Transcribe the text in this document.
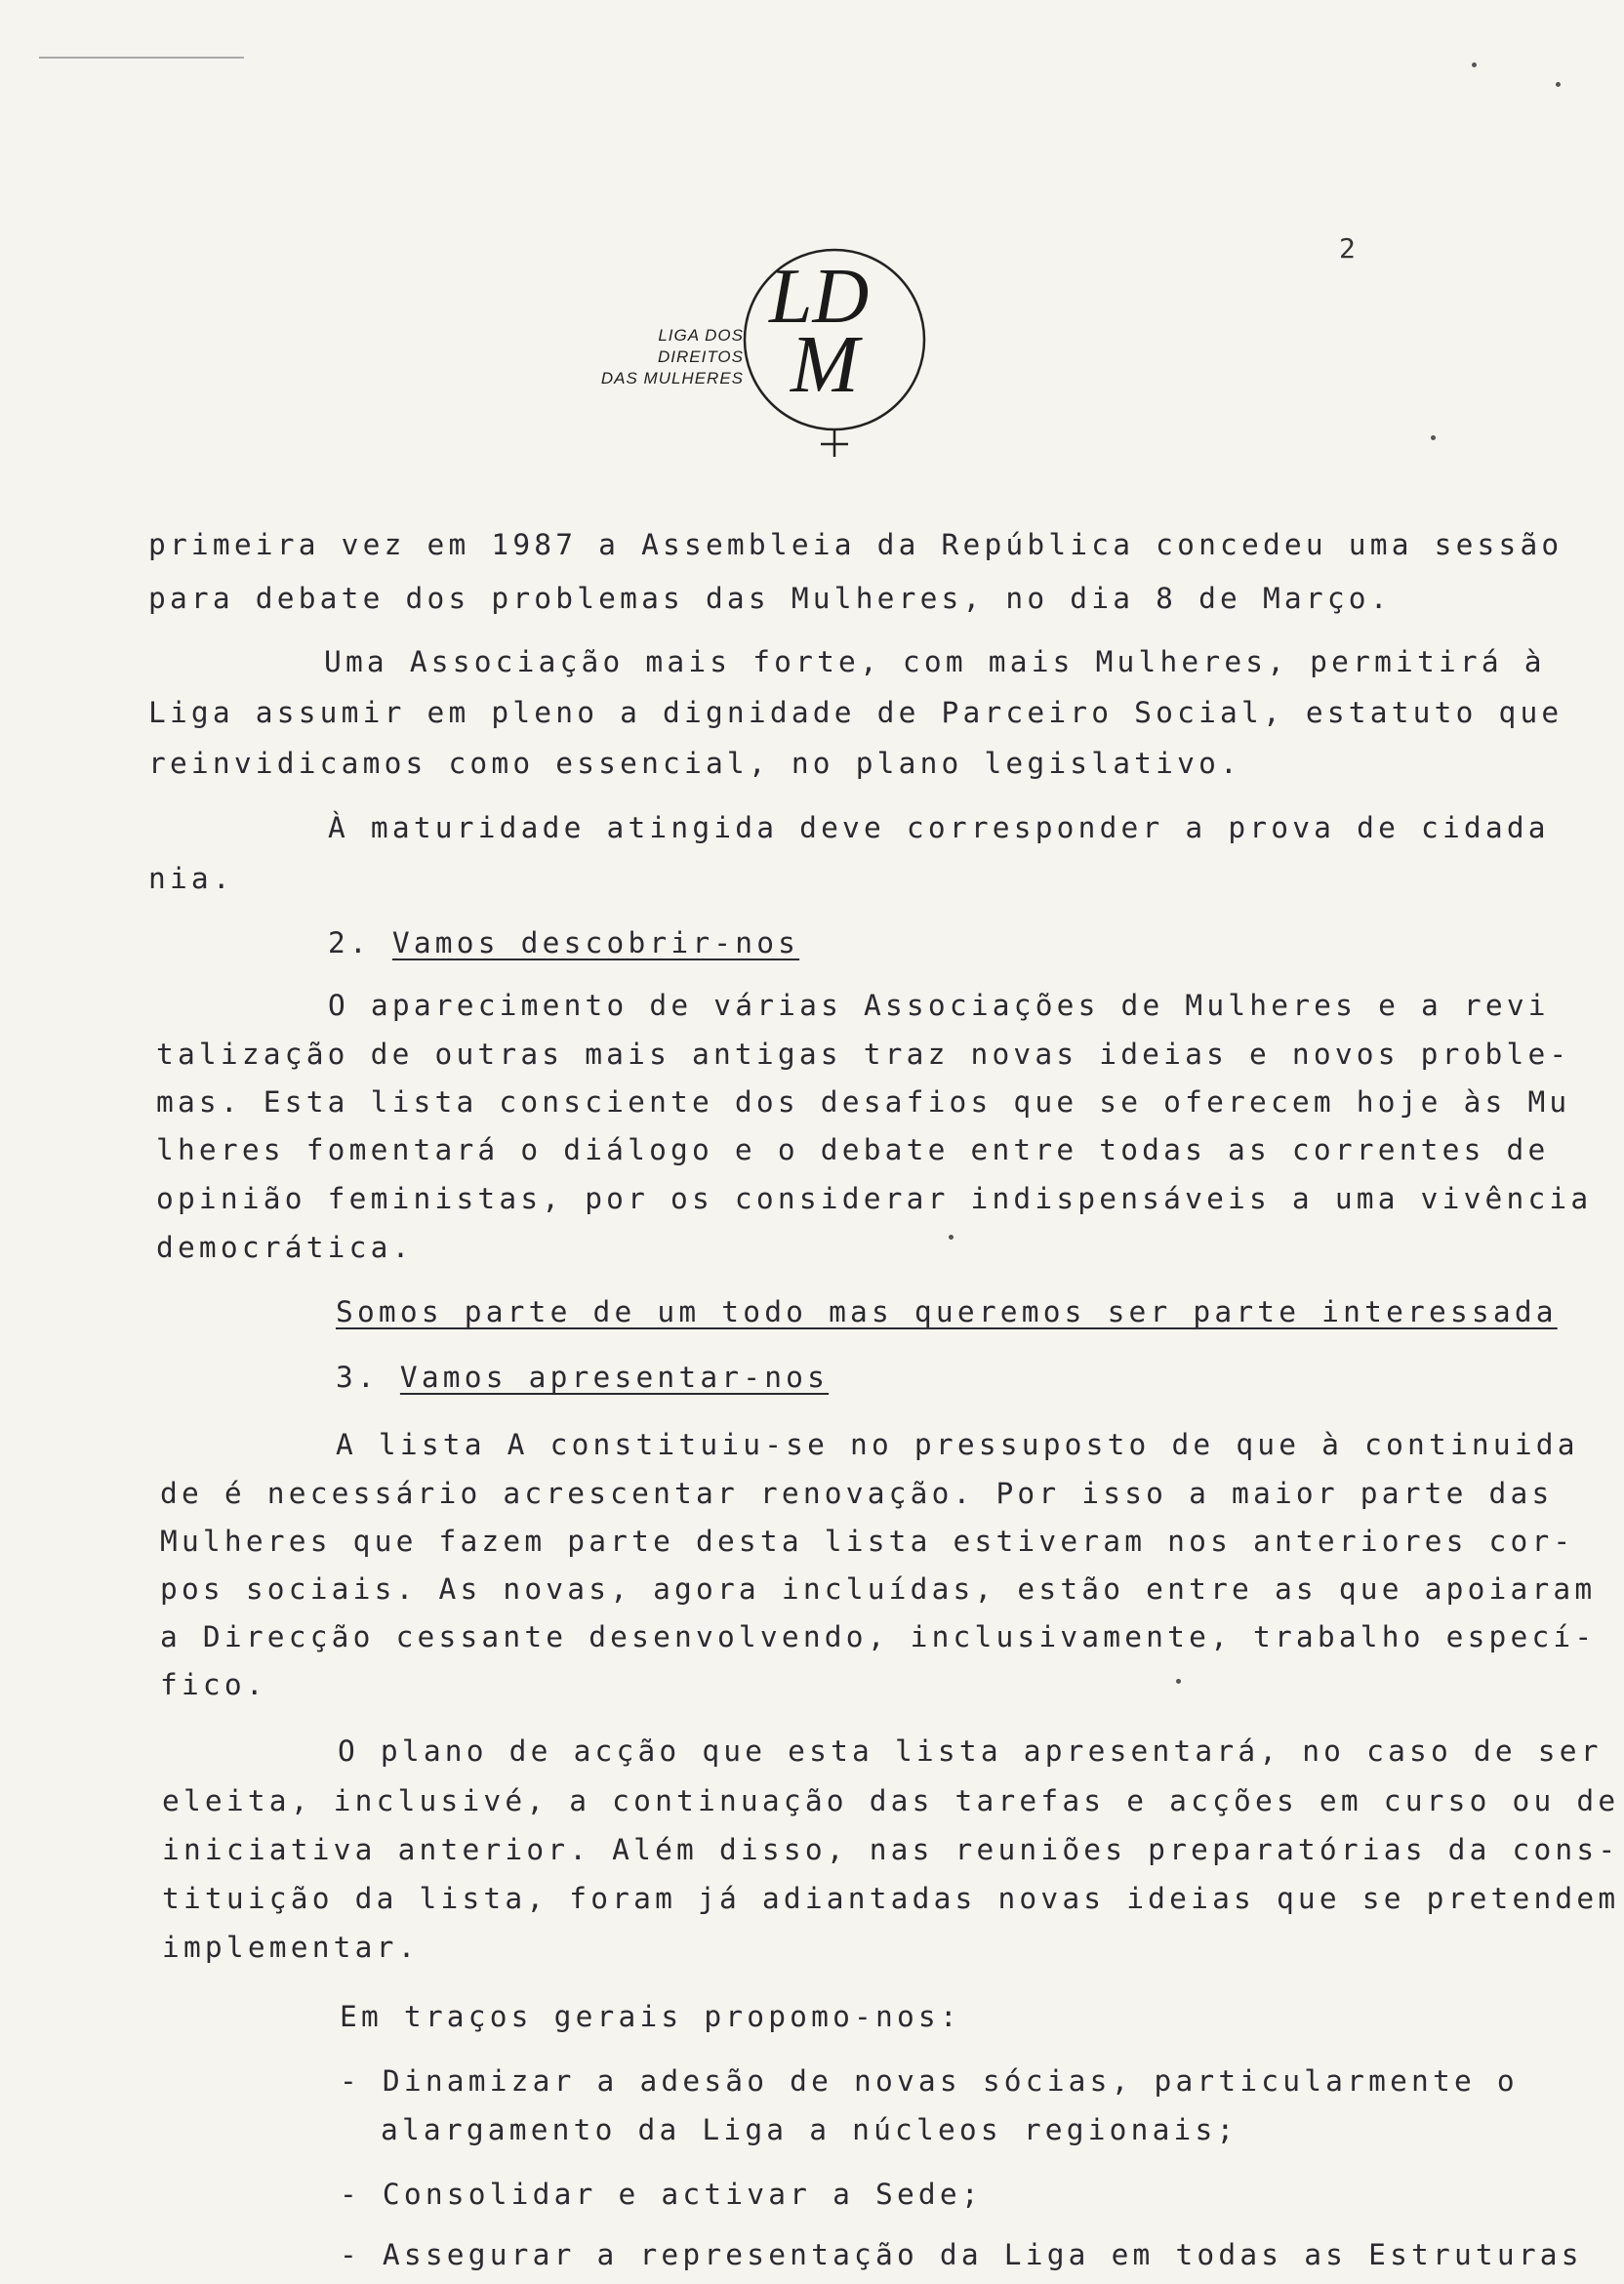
2
LD
M
LIGA DOS DIREITOS
DAS MULHERES
primeira vez em 1987 a Assembleia da República concedeu uma sessão
para debate dos problemas das Mulheres, no dia 8 de Março.
Uma Associação mais forte, com mais Mulheres, permitirá à
Liga assumir em pleno a dignidade de Parceiro Social, estatuto que
reinvidicamos como essencial, no plano legislativo.
À maturidade atingida deve corresponder a prova de cidada
nia.
2. Vamos descobrir-nos
O aparecimento de várias Associações de Mulheres e a revi
talização de outras mais antigas traz novas ideias e novos proble-
mas. Esta lista consciente dos desafios que se oferecem hoje às Mu
lheres fomentará o diálogo e o debate entre todas as correntes de
opinião feministas, por os considerar indispensáveis a uma vivência
democrática.
Somos parte de um todo mas queremos ser parte interessada
3. Vamos apresentar-nos
A lista A constituiu-se no pressuposto de que à continuida
de é necessário acrescentar renovação. Por isso a maior parte das
Mulheres que fazem parte desta lista estiveram nos anteriores cor-
pos sociais. As novas, agora incluídas, estão entre as que apoiaram
a Direcção cessante desenvolvendo, inclusivamente, trabalho especí-
fico.
O plano de acção que esta lista apresentará, no caso de ser
eleita, inclusivé, a continuação das tarefas e acções em curso ou de
iniciativa anterior. Além disso, nas reuniões preparatórias da cons-
tituição da lista, foram já adiantadas novas ideias que se pretendem
implementar.
Em traços gerais propomo-nos:
- Dinamizar a adesão de novas sócias, particularmente o
alargamento da Liga a núcleos regionais;
- Consolidar e activar a Sede;
- Assegurar a representação da Liga em todas as Estruturas
